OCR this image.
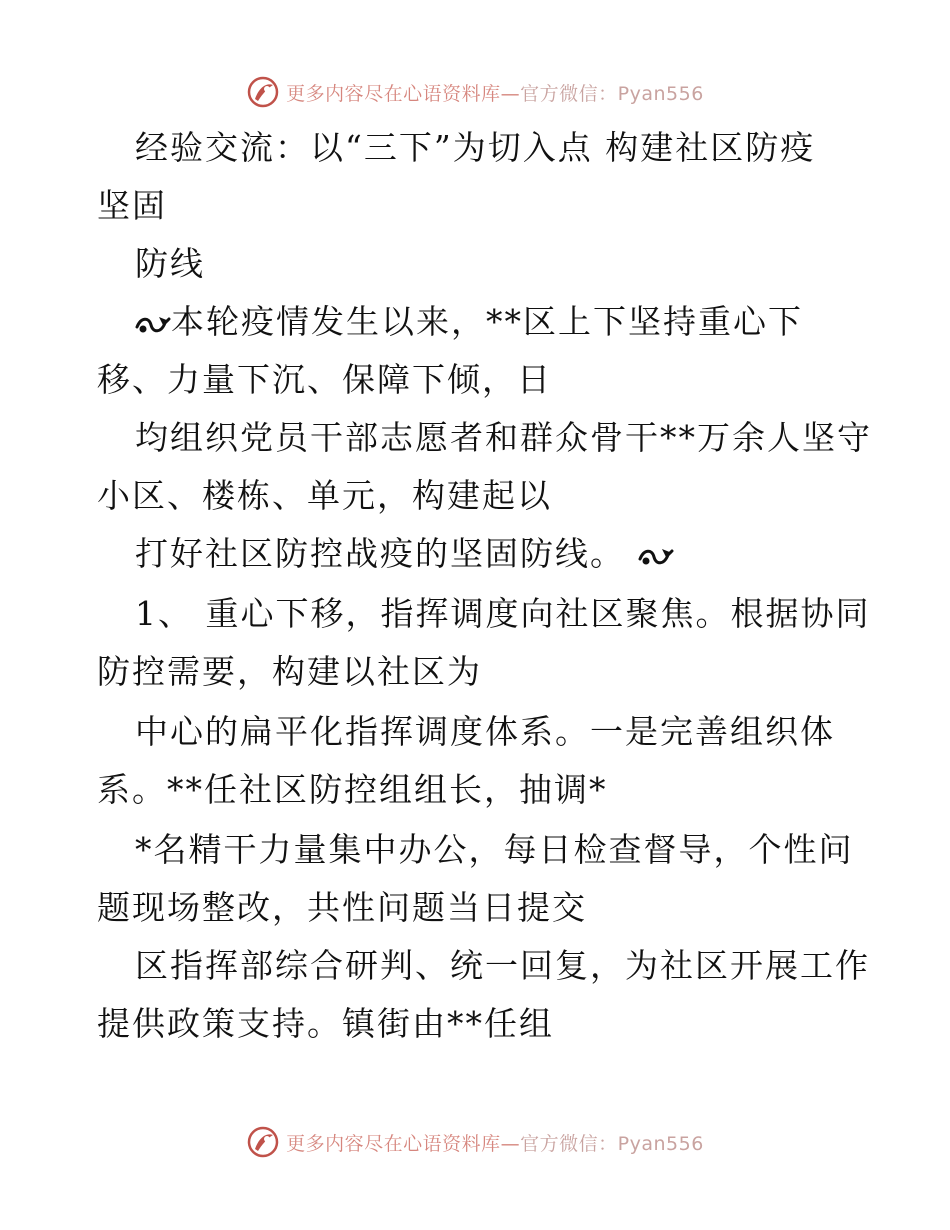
更多内容尽在心语资料库—官方微信：Pyan556
经验交流：以“三下”为切入点 构建社区防疫
坚固
防线
本轮疫情发生以来，**区上下坚持重心下
移、力量下沉、保障下倾，日
均组织党员干部志愿者和群众骨干**万余人坚守
小区、楼栋、单元，构建起以
打好社区防控战疫的坚固防线。
1、 重心下移，指挥调度向社区聚焦。根据协同
防控需要，构建以社区为
中心的扁平化指挥调度体系。一是完善组织体
系。**任社区防控组组长，抽调*
*名精干力量集中办公，每日检查督导，个性问
题现场整改，共性问题当日提交
区指挥部综合研判、统一回复，为社区开展工作
提供政策支持。镇街由**任组
更多内容尽在心语资料库—官方微信：Pyan556
